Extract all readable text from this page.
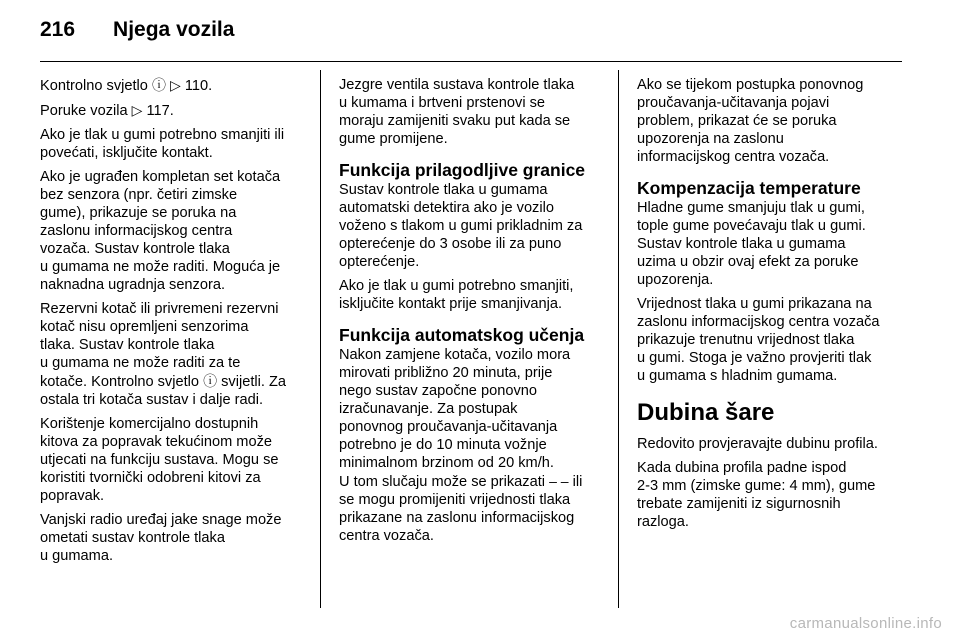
216 Njega vozila

Kontrolno svjetlo ⓘ ▷ 110.

Poruke vozila ▷ 117.

Ako je tlak u gumi potrebno smanjiti ili
povećati, isključite kontakt.

Ako je ugrađen kompletan set kotača
bez senzora (npr. četiri zimske
gume), prikazuje se poruka na
zaslonu informacijskog centra
vozača. Sustav kontrole tlaka
u gumama ne može raditi. Moguća je
naknadna ugradnja senzora.

Rezervni kotač ili privremeni rezervni
kotač nisu opremljeni senzorima
tlaka. Sustav kontrole tlaka
u gumama ne može raditi za te
kotače. Kontrolno svjetlo ⓘ svijetli. Za
ostala tri kotača sustav i dalje radi.

Korištenje komercijalno dostupnih
kitova za popravak tekućinom može
utjecati na funkciju sustava. Mogu se
koristiti tvornički odobreni kitovi za
popravak.

Vanjski radio uređaj jake snage može
ometati sustav kontrole tlaka
u gumama.

Jezgre ventila sustava kontrole tlaka
u kumama i brtveni prstenovi se
moraju zamijeniti svaku put kada se
gume promijene.

Funkcija prilagodljive granice

Sustav kontrole tlaka u gumama
automatski detektira ako je vozilo
voženo s tlakom u gumi prikladnim za
opterećenje do 3 osobe ili za puno
opterećenje.

Ako je tlak u gumi potrebno smanjiti,
isključite kontakt prije smanjivanja.

Funkcija automatskog učenja

Nakon zamjene kotača, vozilo mora
mirovati približno 20 minuta, prije
nego sustav započne ponovno
izračunavanje. Za postupak
ponovnog proučavanja-učitavanja
potrebno je do 10 minuta vožnje
minimalnom brzinom od 20 km/h.
U tom slučaju može se prikazati – – ili
se mogu promijeniti vrijednosti tlaka
prikazane na zaslonu informacijskog
centra vozača.

Ako se tijekom postupka ponovnog
proučavanja-učitavanja pojavi
problem, prikazat će se poruka
upozorenja na zaslonu
informacijskog centra vozača.

Kompenzacija temperature

Hladne gume smanjuju tlak u gumi,
tople gume povećavaju tlak u gumi.
Sustav kontrole tlaka u gumama
uzima u obzir ovaj efekt za poruke
upozorenja.

Vrijednost tlaka u gumi prikazana na
zaslonu informacijskog centra vozača
prikazuje trenutnu vrijednost tlaka
u gumi. Stoga je važno provjeriti tlak
u gumama s hladnim gumama.

Dubina šare

Redovito provjeravajte dubinu profila.

Kada dubina profila padne ispod
2-3 mm (zimske gume: 4 mm), gume
trebate zamijeniti iz sigurnosnih
razloga.

carmanualsonline.info
